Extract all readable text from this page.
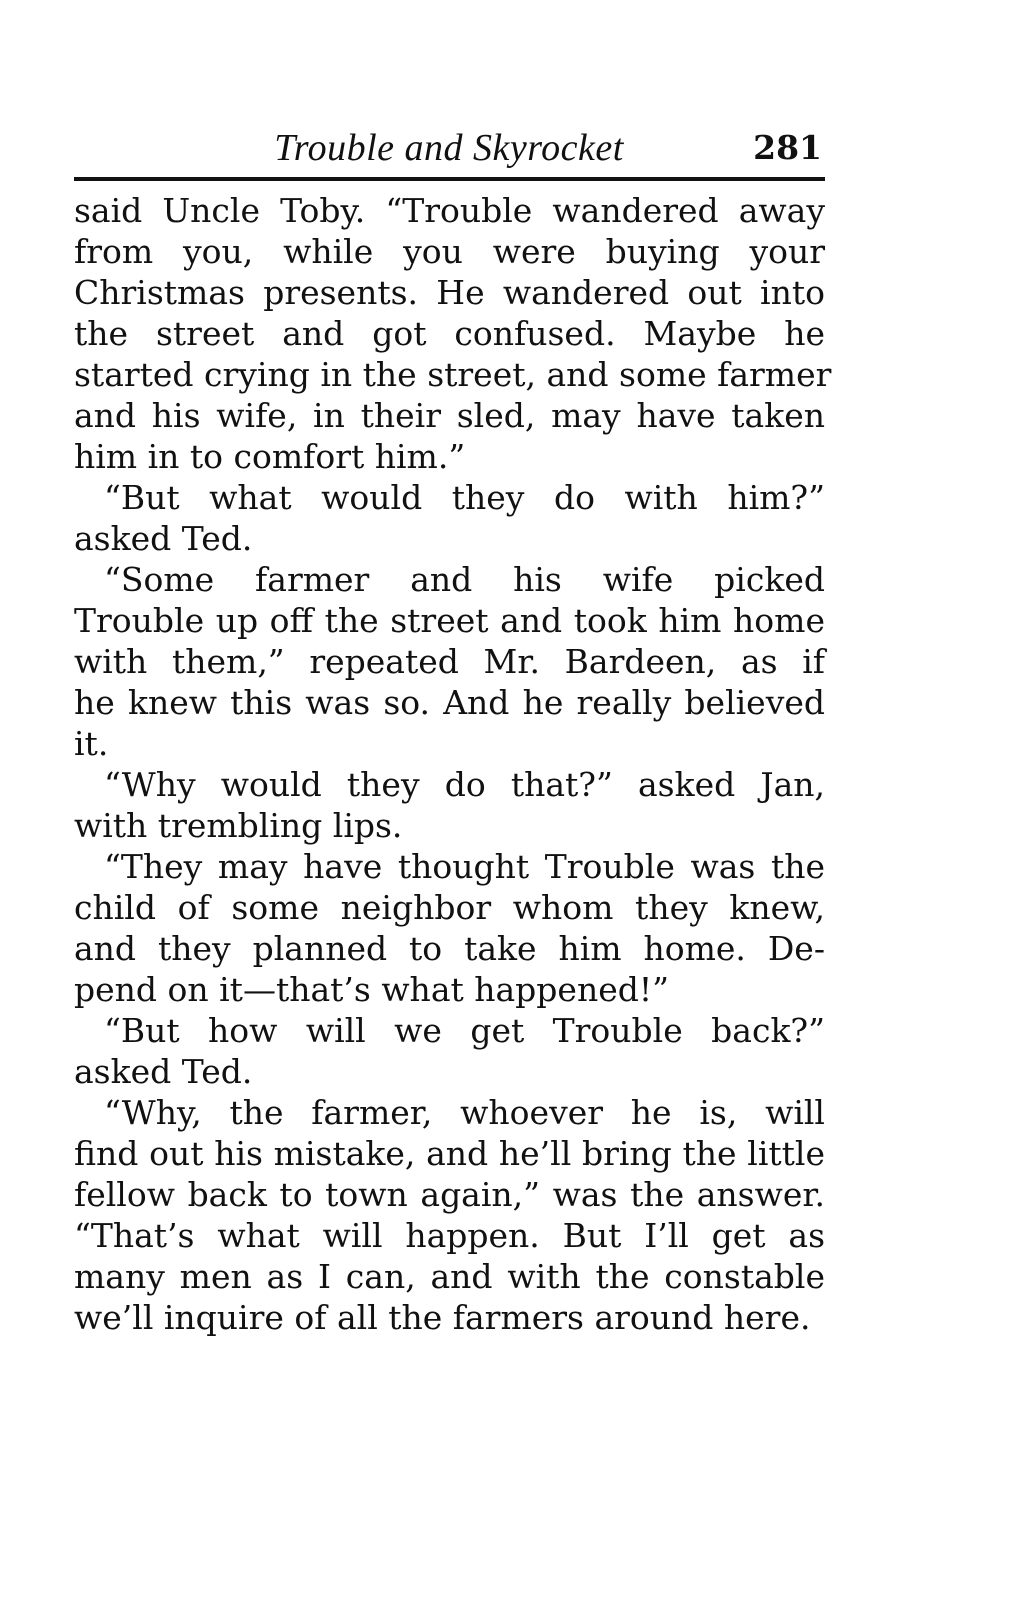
Trouble and Skyrocket	281
said Uncle Toby. “Trouble wandered away
from you, while you were buying your
Christmas presents. He wandered out into
the street and got confused. Maybe he
started crying in the street, and some farmer
and his wife, in their sled, may have taken
him in to comfort him.”
“But what would they do with him?”
asked Ted.
“Some farmer and his wife picked
Trouble up off the street and took him home
with them,” repeated Mr. Bardeen, as if
he knew this was so. And he really believed
it.
“Why would they do that?” asked Jan,
with trembling lips.
“They may have thought Trouble was the
child of some neighbor whom they knew,
and they planned to take him home. De-
pend on it—that’s what happened!”
“But how will we get Trouble back?”
asked Ted.
“Why, the farmer, whoever he is, will
find out his mistake, and he’ll bring the little
fellow back to town again,” was the answer.
“That’s what will happen. But I’ll get as
many men as I can, and with the constable
we’ll inquire of all the farmers around here.
